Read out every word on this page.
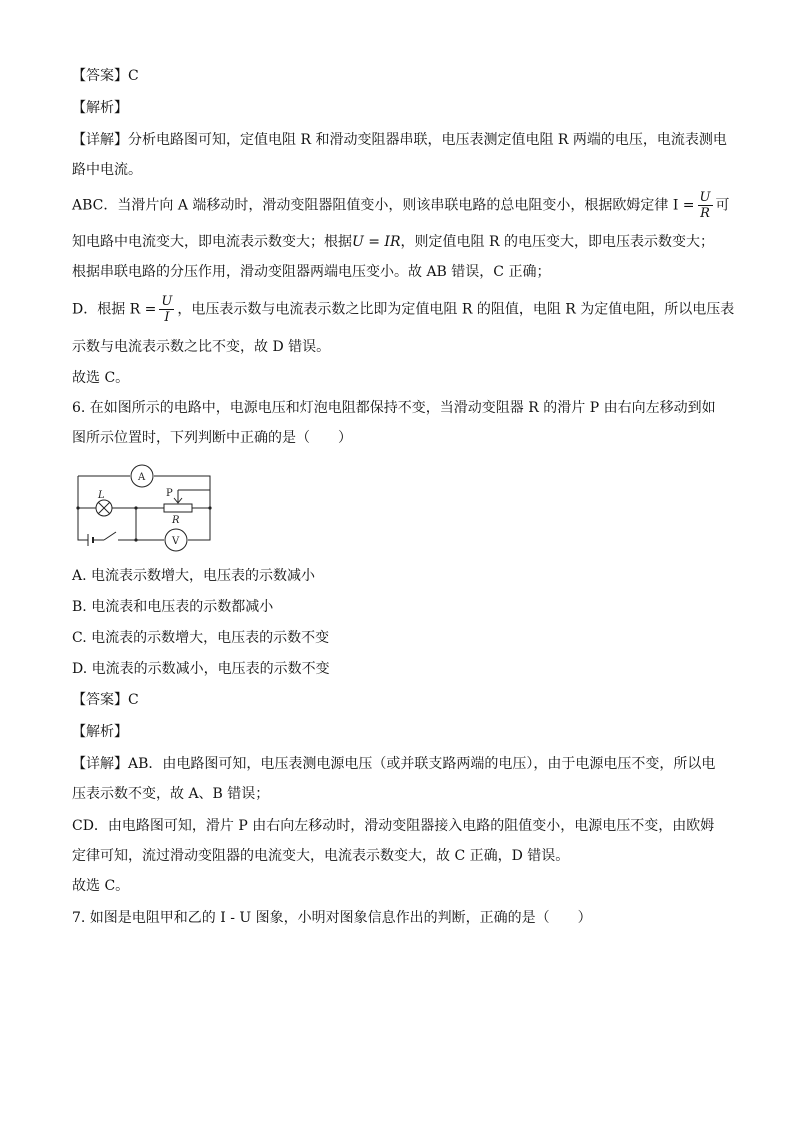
【答案】C
【解析】
【详解】分析电路图可知，定值电阻 R 和滑动变阻器串联，电压表测定值电阻 R 两端的电压，电流表测电
路中电流。
ABC．当滑片向 A 端移动时，滑动变阻器阻值变小，则该串联电路的总电阻变小，根据欧姆定律 $I = \frac{U}{R}$ 可
知电路中电流变大，即电流表示数变大；根据U = IR，则定值电阻 R 的电压变大，即电压表示数变大；
根据串联电路的分压作用，滑动变阻器两端电压变小。故 AB 错误，C 正确；
D．根据 $R = \frac{U}{I}$ ，电压表示数与电流表示数之比即为定值电阻 R 的阻值，电阻 R 为定值电阻，所以电压表
示数与电流表示数之比不变，故 D 错误。
故选 C。
6. 在如图所示的电路中，电源电压和灯泡电阻都保持不变，当滑动变阻器 R 的滑片 P 由右向左移动到如
图所示位置时，下列判断中正确的是（　　）
A
V
L	P
R
A. 电流表示数增大，电压表的示数减小
B. 电流表和电压表的示数都减小
C. 电流表的示数增大，电压表的示数不变
D. 电流表的示数减小，电压表的示数不变
【答案】C
【解析】
【详解】AB．由电路图可知，电压表测电源电压（或并联支路两端的电压），由于电源电压不变，所以电
压表示数不变，故 A、B 错误；
CD．由电路图可知，滑片 P 由右向左移动时，滑动变阻器接入电路的阻值变小，电源电压不变，由欧姆
定律可知，流过滑动变阻器的电流变大，电流表示数变大，故 C 正确，D 错误。
故选 C。
7. 如图是电阻甲和乙的 I - U 图象，小明对图象信息作出的判断，正确的是（　　）
